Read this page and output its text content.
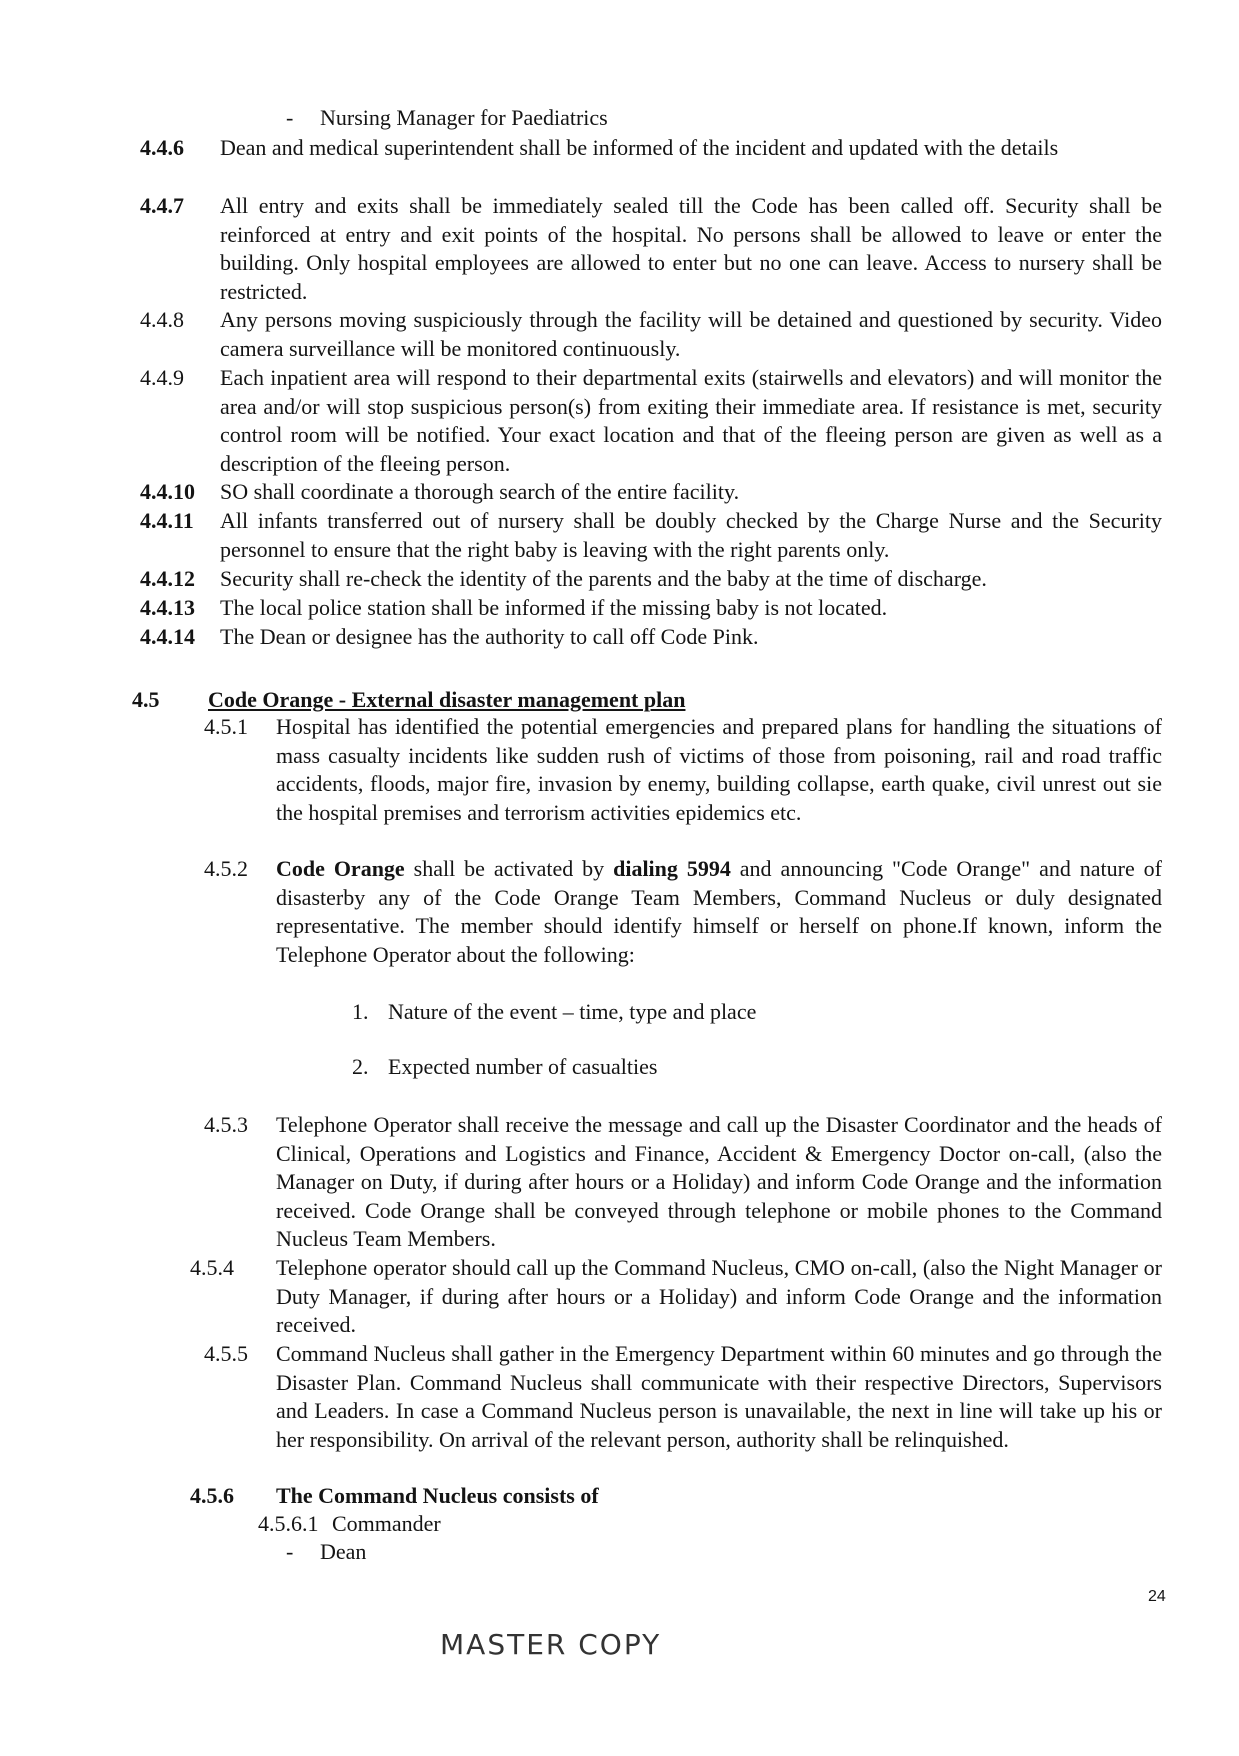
- Nursing Manager for Paediatrics
4.4.6 Dean and medical superintendent shall be informed of the incident and updated with the details
4.4.7 All entry and exits shall be immediately sealed till the Code has been called off. Security shall be reinforced at entry and exit points of the hospital. No persons shall be allowed to leave or enter the building. Only hospital employees are allowed to enter but no one can leave. Access to nursery shall be restricted.
4.4.8 Any persons moving suspiciously through the facility will be detained and questioned by security. Video camera surveillance will be monitored continuously.
4.4.9 Each inpatient area will respond to their departmental exits (stairwells and elevators) and will monitor the area and/or will stop suspicious person(s) from exiting their immediate area. If resistance is met, security control room will be notified. Your exact location and that of the fleeing person are given as well as a description of the fleeing person.
4.4.10 SO shall coordinate a thorough search of the entire facility.
4.4.11 All infants transferred out of nursery shall be doubly checked by the Charge Nurse and the Security personnel to ensure that the right baby is leaving with the right parents only.
4.4.12 Security shall re-check the identity of the parents and the baby at the time of discharge.
4.4.13 The local police station shall be informed if the missing baby is not located.
4.4.14 The Dean or designee has the authority to call off Code Pink.
4.5 Code Orange - External disaster management plan
4.5.1 Hospital has identified the potential emergencies and prepared plans for handling the situations of mass casualty incidents like sudden rush of victims of those from poisoning, rail and road traffic accidents, floods, major fire, invasion by enemy, building collapse, earth quake, civil unrest out sie the hospital premises and terrorism activities epidemics etc.
4.5.2 Code Orange shall be activated by dialing 5994 and announcing "Code Orange" and nature of disasterby any of the Code Orange Team Members, Command Nucleus or duly designated representative. The member should identify himself or herself on phone.If known, inform the Telephone Operator about the following:
1. Nature of the event – time, type and place
2. Expected number of casualties
4.5.3 Telephone Operator shall receive the message and call up the Disaster Coordinator and the heads of Clinical, Operations and Logistics and Finance, Accident & Emergency Doctor on-call, (also the Manager on Duty, if during after hours or a Holiday) and inform Code Orange and the information received. Code Orange shall be conveyed through telephone or mobile phones to the Command Nucleus Team Members.
4.5.4 Telephone operator should call up the Command Nucleus, CMO on-call, (also the Night Manager or Duty Manager, if during after hours or a Holiday) and inform Code Orange and the information received.
4.5.5 Command Nucleus shall gather in the Emergency Department within 60 minutes and go through the Disaster Plan. Command Nucleus shall communicate with their respective Directors, Supervisors and Leaders. In case a Command Nucleus person is unavailable, the next in line will take up his or her responsibility. On arrival of the relevant person, authority shall be relinquished.
4.5.6 The Command Nucleus consists of
4.5.6.1 Commander
- Dean
24
MASTER COPY
